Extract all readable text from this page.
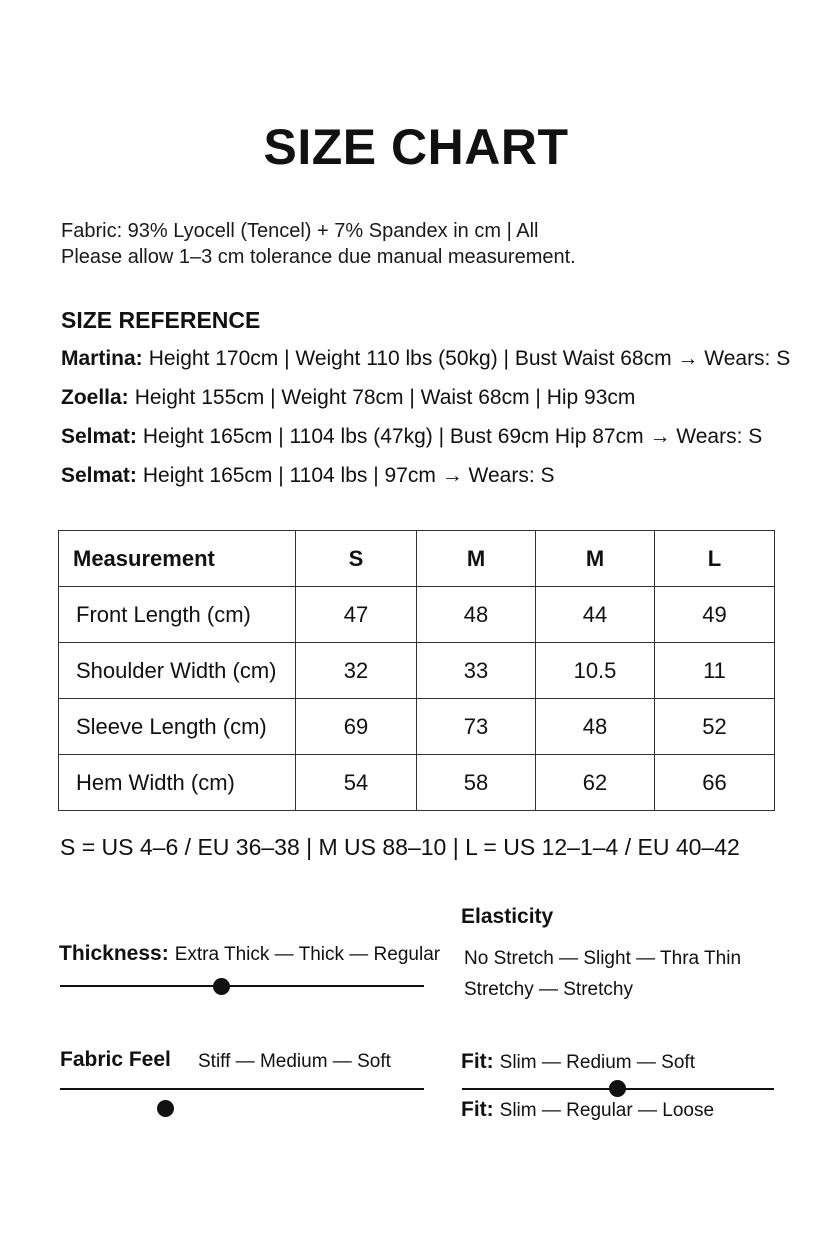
SIZE CHART
Fabric: 93% Lyocell (Tencel) + 7% Spandex in cm | All
Please allow 1–3 cm tolerance due manual measurement.
SIZE REFERENCE
Martina: Height 170cm | Weight 110 lbs (50kg) | Bust Waist 68cm → Wears: S
Zoella: Height 155cm | Weight 78cm | Waist 68cm | Hip 93cm
Selmat: Height 165cm | 1104 lbs (47kg) | Bust 69cm Hip 87cm → Wears: S
Selmat: Height 165cm | 1104 lbs | 97cm → Wears: S
Measurement	S	M	M	L
Front Length (cm)	47	48	44	49
Shoulder Width (cm)	32	33	10.5	11
Sleeve Length (cm)	69	73	48	52
Hem Width (cm)	54	58	62	66
S = US 4–6 / EU 36–38 | M US 88–10 | L = US 12–1–4 / EU 40–42
Elasticity
No Stretch — Slight — Thra Thin
Stretchy — Stretchy
Thickness: Extra Thick — Thick — Regular
Fabric Feel Stiff — Medium — Soft	Fit: Slim — Redium — Soft
Fit: Slim — Regular — Loose
